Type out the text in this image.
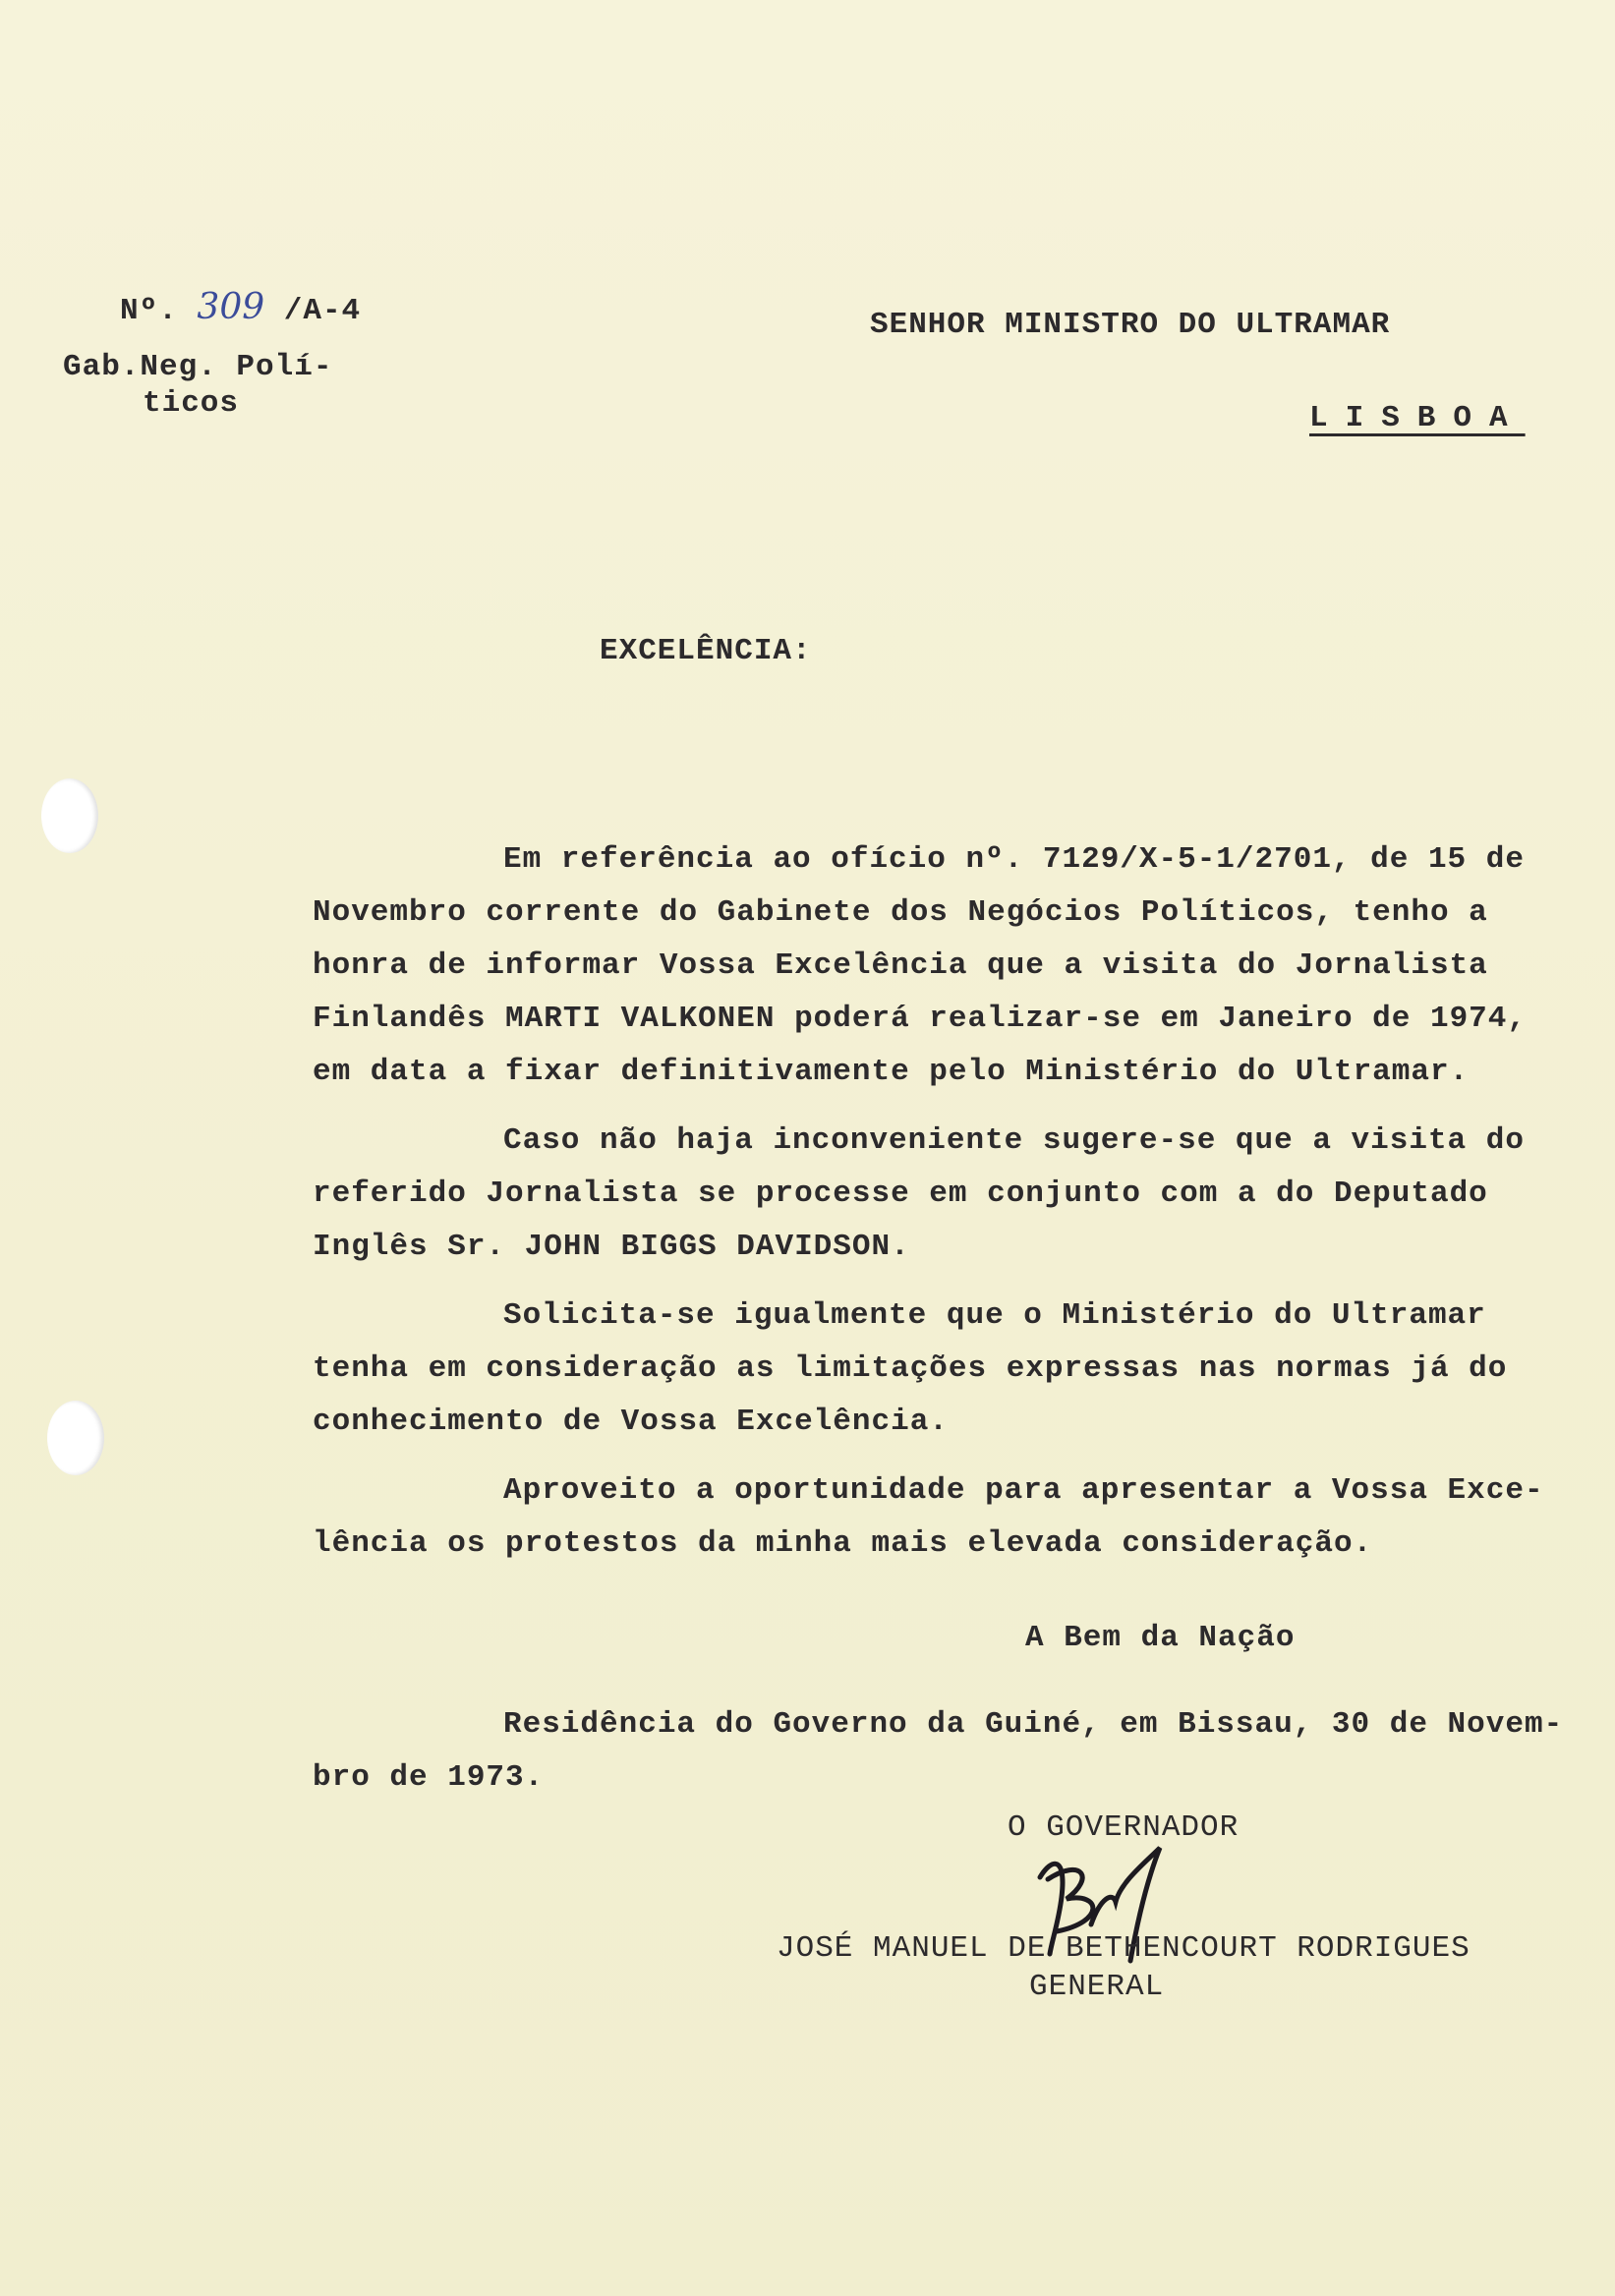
Nº. 309 /A-4
Gab.Neg. Polí-
ticos
SENHOR MINISTRO DO ULTRAMAR
LISBOA
EXCELÊNCIA:
Em referência ao ofício nº. 7129/X-5-1/2701, de 15 de
Novembro corrente do Gabinete dos Negócios Políticos, tenho a
honra de informar Vossa Excelência que a visita do Jornalista
Finlandês MARTI VALKONEN poderá realizar-se em Janeiro de 1974,
em data a fixar definitivamente pelo Ministério do Ultramar.
Caso não haja inconveniente sugere-se que a visita do
referido Jornalista se processe em conjunto com a do Deputado
Inglês Sr. JOHN BIGGS DAVIDSON.
Solicita-se igualmente que o Ministério do Ultramar
tenha em consideração as limitações expressas nas normas já do
conhecimento de Vossa Excelência.
Aproveito a oportunidade para apresentar a Vossa Exce-
lência os protestos da minha mais elevada consideração.
A Bem da Nação
Residência do Governo da Guiné, em Bissau, 30 de Novem-
bro de 1973.
O GOVERNADOR
JOSÉ MANUEL DE BETHENCOURT RODRIGUES
GENERAL
